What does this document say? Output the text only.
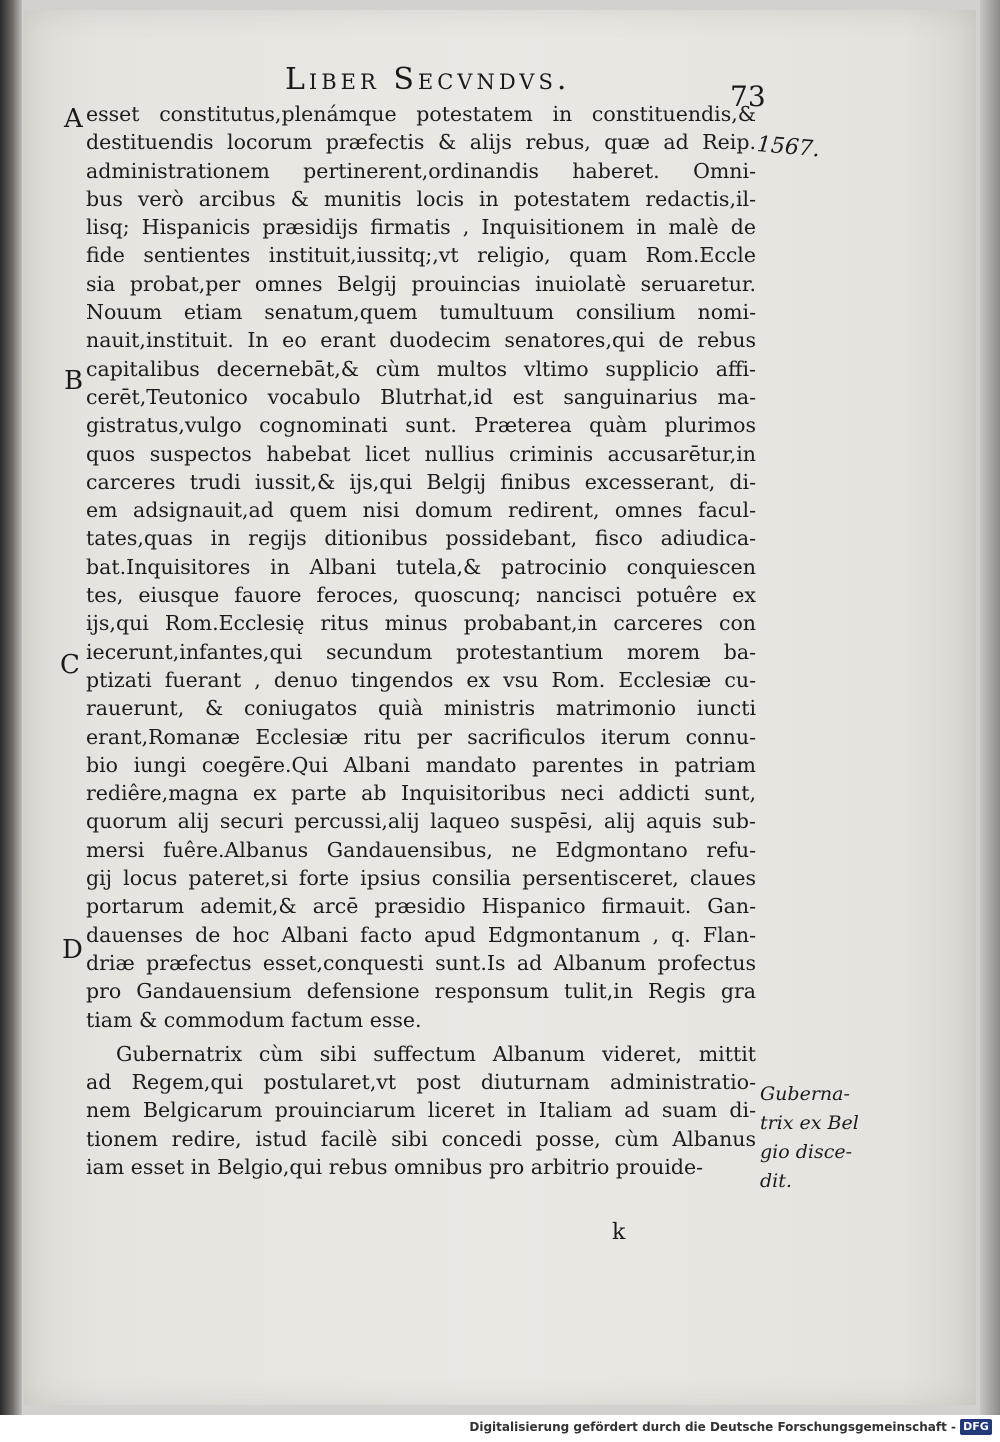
Liber Secvndvs.	73
1567.
A
B
C
D
esset constitutus,plenámque potestatem in constituendis,&
destituendis locorum præfectis & alijs rebus, quæ ad Reip.
administrationem pertinerent,ordinandis haberet. Omni-
bus verò arcibus & munitis locis in potestatem redactis,il-
lisq; Hispanicis præsidijs firmatis , Inquisitionem in malè de
fide sentientes instituit,iussitq;,vt religio, quam Rom.Eccle
sia probat,per omnes Belgij prouincias inuiolatè seruaretur.
Nouum etiam senatum,quem tumultuum consilium nomi-
nauit,instituit. In eo erant duodecim senatores,qui de rebus
capitalibus decernebāt,& cùm multos vltimo supplicio affi-
cerēt,Teutonico vocabulo Blutrhat,id est sanguinarius ma-
gistratus,vulgo cognominati sunt. Præterea quàm plurimos
quos suspectos habebat licet nullius criminis accusarētur,in
carceres trudi iussit,& ijs,qui Belgij finibus excesserant, di-
em adsignauit,ad quem nisi domum redirent, omnes facul-
tates,quas in regijs ditionibus possidebant, fisco adiudica-
bat.Inquisitores in Albani tutela,& patrocinio conquiescen
tes, eiusque fauore feroces, quoscunq; nancisci potuêre ex
ijs,qui Rom.Ecclesię ritus minus probabant,in carceres con
iecerunt,infantes,qui secundum protestantium morem ba-
ptizati fuerant , denuo tingendos ex vsu Rom. Ecclesiæ cu-
rauerunt, & coniugatos quià ministris matrimonio iuncti
erant,Romanæ Ecclesiæ ritu per sacrificulos iterum connu-
bio iungi coegēre.Qui Albani mandato parentes in patriam
rediêre,magna ex parte ab Inquisitoribus neci addicti sunt,
quorum alij securi percussi,alij laqueo suspēsi, alij aquis sub-
mersi fuêre.Albanus Gandauensibus, ne Edgmontano refu-
gij locus pateret,si forte ipsius consilia persentisceret, claues
portarum ademit,& arcē præsidio Hispanico firmauit. Gan-
dauenses de hoc Albani facto apud Edgmontanum , q. Flan-
driæ præfectus esset,conquesti sunt.Is ad Albanum profectus
pro Gandauensium defensione responsum tulit,in Regis gra
tiam & commodum factum esse.
Gubernatrix cùm sibi suffectum Albanum videret, mittit
ad Regem,qui postularet,vt post diuturnam administratio-
nem Belgicarum prouinciarum liceret in Italiam ad suam di-
tionem redire, istud facilè sibi concedi posse, cùm Albanus
iam esset in Belgio,qui rebus omnibus pro arbitrio prouide-
Guberna-
trix ex Bel
gio disce-
dit.
k
Digitalisierung gefördert durch die Deutsche Forschungsgemeinschaft - DFG
